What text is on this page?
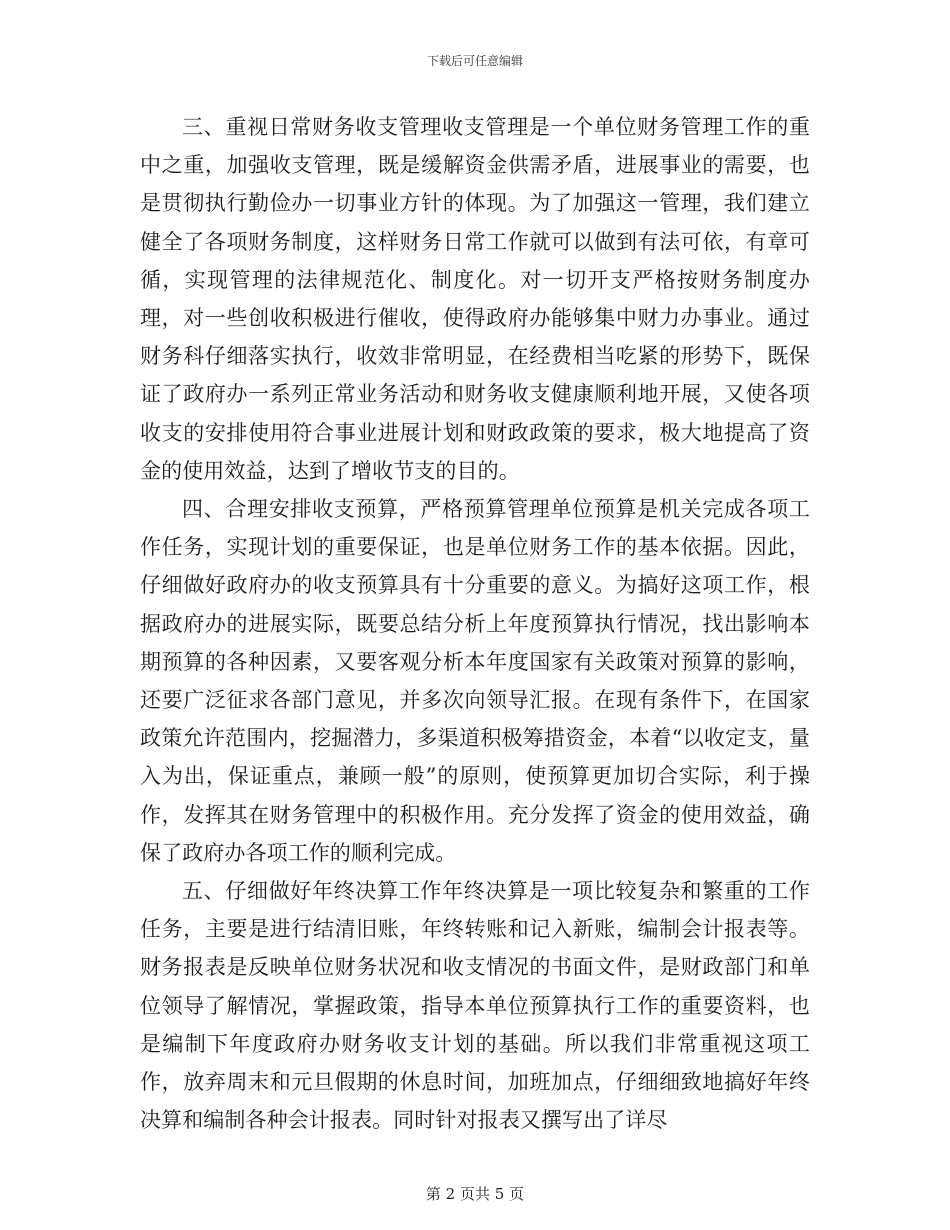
下载后可任意编辑

三、重视日常财务收支管理收支管理是一个单位财务管理工作的重中之重，加强收支管理，既是缓解资金供需矛盾，进展事业的需要，也是贯彻执行勤俭办一切事业方针的体现。为了加强这一管理，我们建立健全了各项财务制度，这样财务日常工作就可以做到有法可依，有章可循，实现管理的法律规范化、制度化。对一切开支严格按财务制度办理，对一些创收积极进行催收，使得政府办能够集中财力办事业。通过财务科仔细落实执行，收效非常明显，在经费相当吃紧的形势下，既保证了政府办一系列正常业务活动和财务收支健康顺利地开展，又使各项收支的安排使用符合事业进展计划和财政政策的要求，极大地提高了资金的使用效益，达到了增收节支的目的。

四、合理安排收支预算，严格预算管理单位预算是机关完成各项工作任务，实现计划的重要保证，也是单位财务工作的基本依据。因此，仔细做好政府办的收支预算具有十分重要的意义。为搞好这项工作，根据政府办的进展实际，既要总结分析上年度预算执行情况，找出影响本期预算的各种因素，又要客观分析本年度国家有关政策对预算的影响，还要广泛征求各部门意见，并多次向领导汇报。在现有条件下，在国家政策允许范围内，挖掘潜力，多渠道积极筹措资金，本着“以收定支，量入为出，保证重点，兼顾一般”的原则，使预算更加切合实际，利于操作，发挥其在财务管理中的积极作用。充分发挥了资金的使用效益，确保了政府办各项工作的顺利完成。

五、仔细做好年终决算工作年终决算是一项比较复杂和繁重的工作任务，主要是进行结清旧账，年终转账和记入新账，编制会计报表等。财务报表是反映单位财务状况和收支情况的书面文件，是财政部门和单位领导了解情况，掌握政策，指导本单位预算执行工作的重要资料，也是编制下年度政府办财务收支计划的基础。所以我们非常重视这项工作，放弃周末和元旦假期的休息时间，加班加点，仔细细致地搞好年终决算和编制各种会计报表。同时针对报表又撰写出了详尽

第 2 页共 5 页
